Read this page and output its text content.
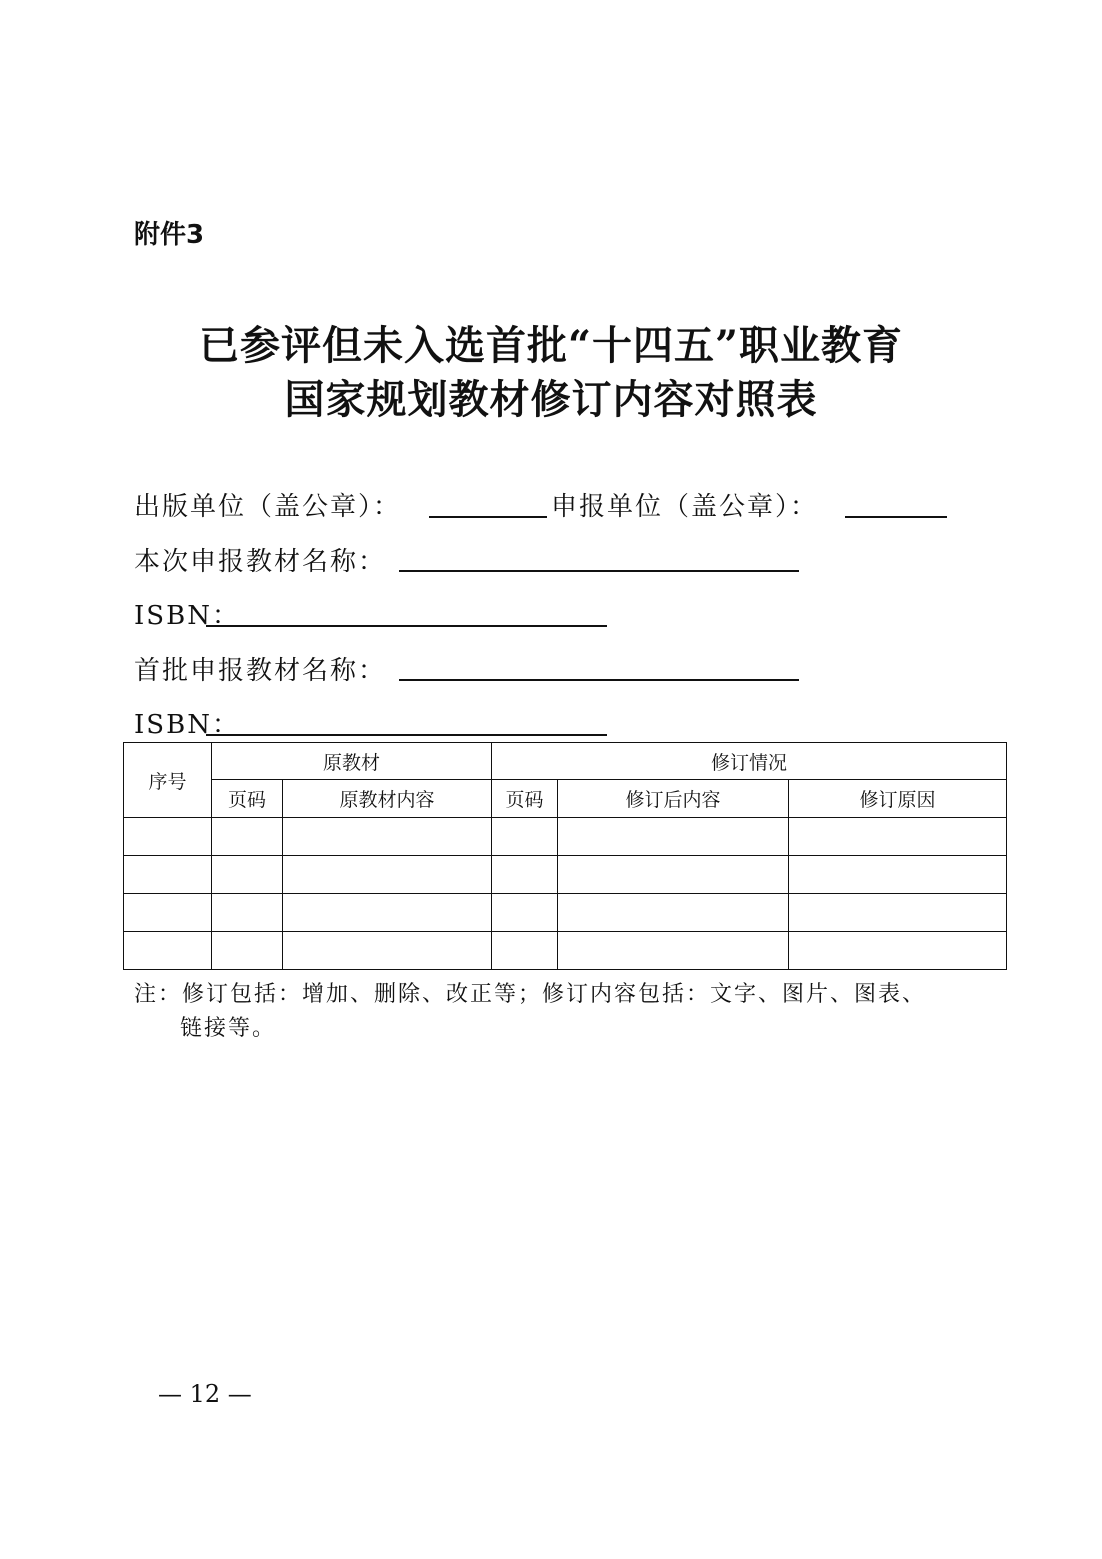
附件3
已参评但未入选首批“十四五”职业教育
国家规划教材修订内容对照表
出版单位（盖公章）：	申报单位（盖公章）：
本次申报教材名称：
ISBN：
首批申报教材名称：
ISBN：
序号	原教材		修订情况		
	页码	原教材内容	页码	修订后内容	修订原因

注：修订包括：增加、删除、改正等；修订内容包括：文字、图片、图表、
链接等。
— 12 —
